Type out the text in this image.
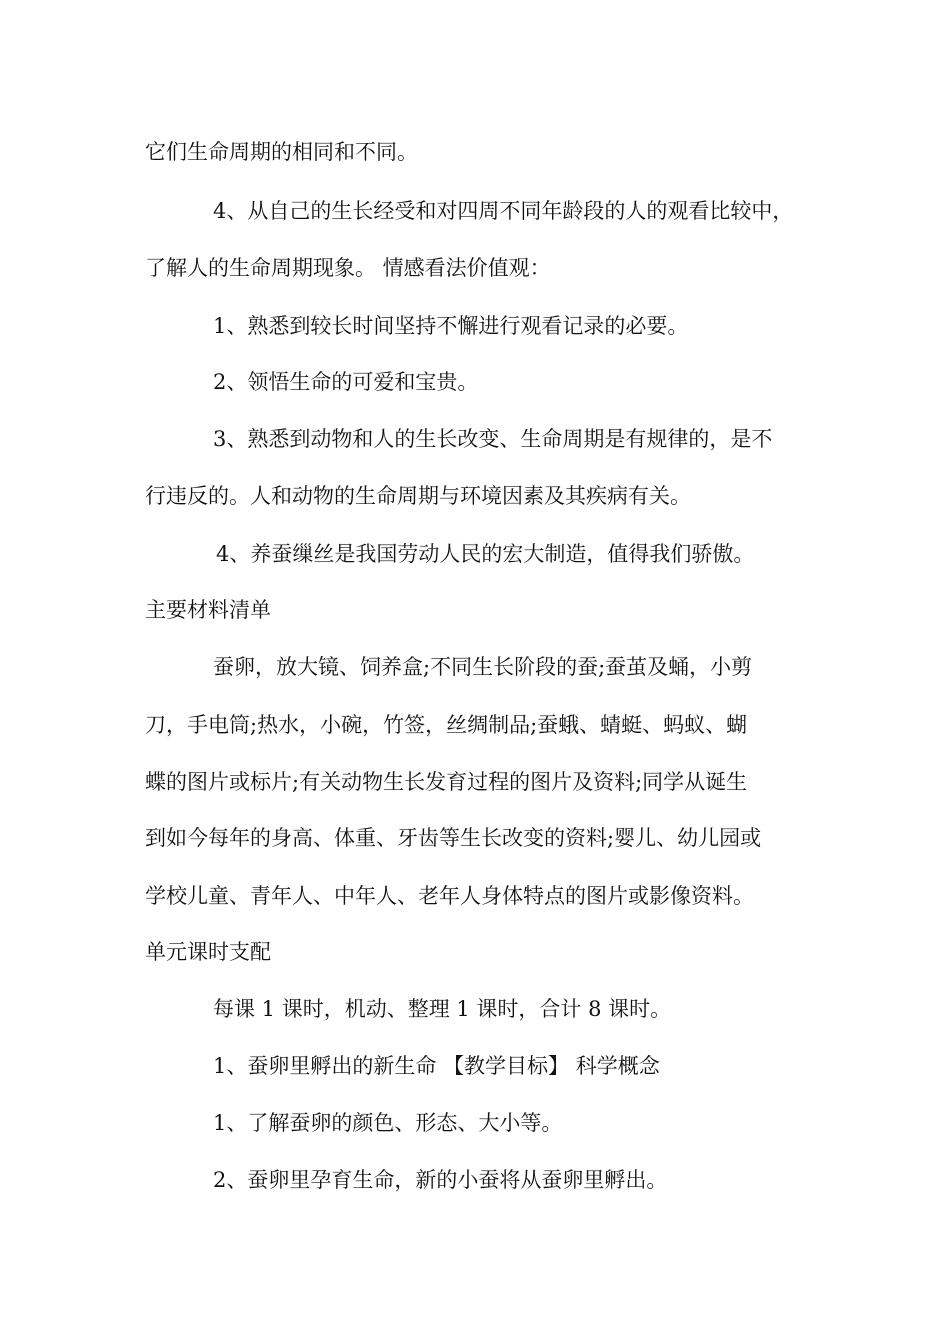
它们生命周期的相同和不同。
4、从自己的生长经受和对四周不同年龄段的人的观看比较中，
了解人的生命周期现象。 情感看法价值观：
1、熟悉到较长时间坚持不懈进行观看记录的必要。
2、领悟生命的可爱和宝贵。
3、熟悉到动物和人的生长改变、生命周期是有规律的，是不
行违反的。人和动物的生命周期与环境因素及其疾病有关。
4、养蚕缫丝是我国劳动人民的宏大制造，值得我们骄傲。
主要材料清单
蚕卵，放大镜、饲养盒;不同生长阶段的蚕;蚕茧及蛹，小剪
刀，手电筒;热水，小碗，竹签，丝绸制品;蚕蛾、蜻蜓、蚂蚁、蝴
蝶的图片或标片;有关动物生长发育过程的图片及资料;同学从诞生
到如今每年的身高、体重、牙齿等生长改变的资料;婴儿、幼儿园或
学校儿童、青年人、中年人、老年人身体特点的图片或影像资料。
单元课时支配
每课 1 课时，机动、整理 1 课时，合计 8 课时。
1、蚕卵里孵出的新生命 【教学目标】 科学概念
1、了解蚕卵的颜色、形态、大小等。
2、蚕卵里孕育生命，新的小蚕将从蚕卵里孵出。
